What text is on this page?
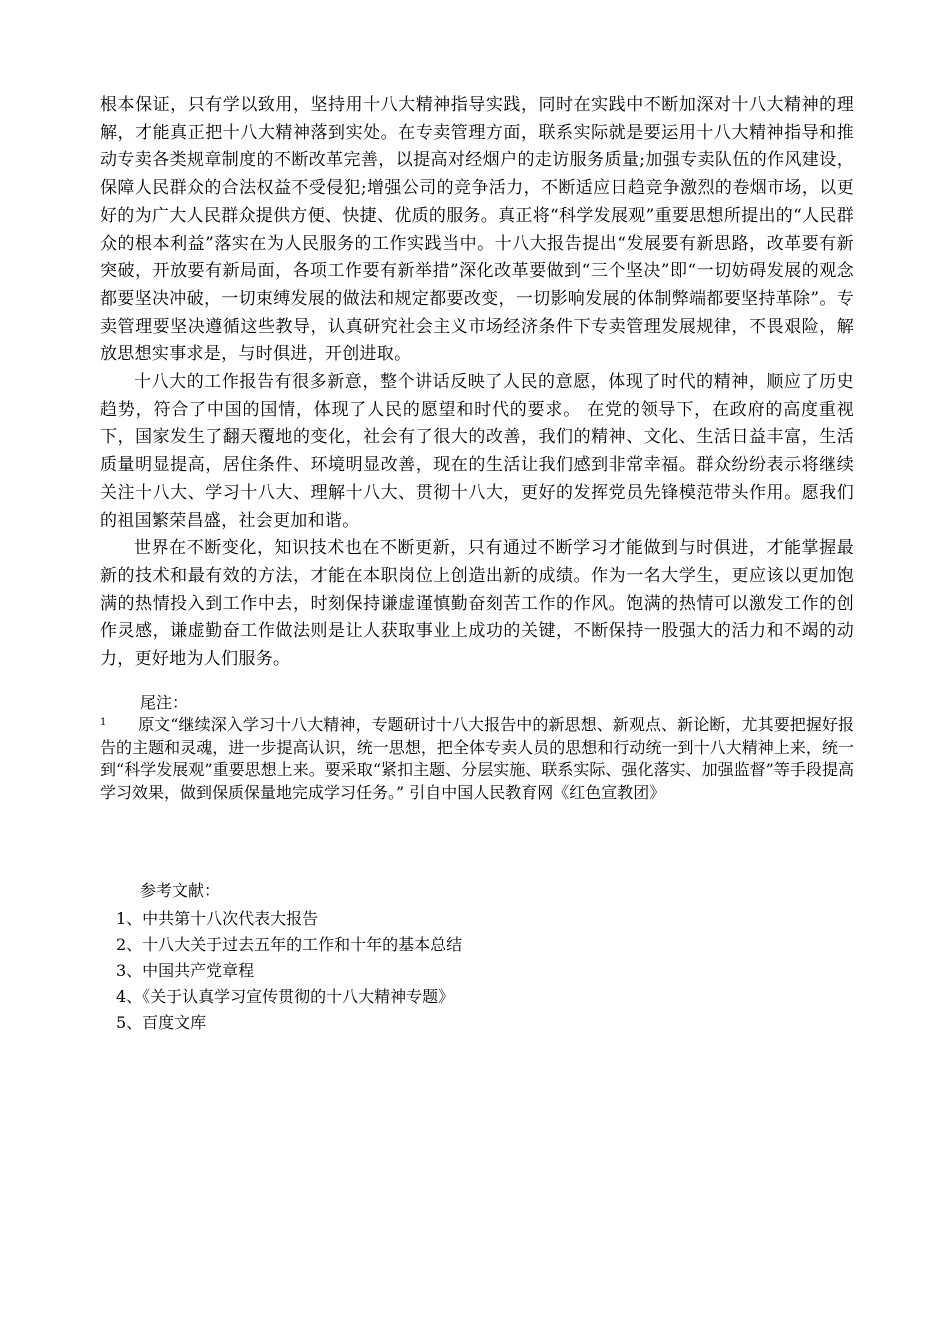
根本保证，只有学以致用，坚持用十八大精神指导实践，同时在实践中不断加深对十八大精神的理解，才能真正把十八大精神落到实处。在专卖管理方面，联系实际就是要运用十八大精神指导和推动专卖各类规章制度的不断改革完善，以提高对经烟户的走访服务质量;加强专卖队伍的作风建设，保障人民群众的合法权益不受侵犯;增强公司的竞争活力，不断适应日趋竞争激烈的卷烟市场，以更好的为广大人民群众提供方便、快捷、优质的服务。真正将“科学发展观”重要思想所提出的“人民群众的根本利益”落实在为人民服务的工作实践当中。十八大报告提出“发展要有新思路，改革要有新突破，开放要有新局面，各项工作要有新举措”深化改革要做到“三个坚决”即“一切妨碍发展的观念都要坚决冲破，一切束缚发展的做法和规定都要改变，一切影响发展的体制弊端都要坚持革除”。专卖管理要坚决遵循这些教导，认真研究社会主义市场经济条件下专卖管理发展规律，不畏艰险，解放思想实事求是，与时俱进，开创进取。

十八大的工作报告有很多新意，整个讲话反映了人民的意愿，体现了时代的精神，顺应了历史趋势，符合了中国的国情，体现了人民的愿望和时代的要求。 在党的领导下，在政府的高度重视下，国家发生了翻天覆地的变化，社会有了很大的改善，我们的精神、文化、生活日益丰富，生活质量明显提高，居住条件、环境明显改善，现在的生活让我们感到非常幸福。群众纷纷表示将继续关注十八大、学习十八大、理解十八大、贯彻十八大，更好的发挥党员先锋模范带头作用。愿我们的祖国繁荣昌盛，社会更加和谐。

世界在不断变化，知识技术也在不断更新，只有通过不断学习才能做到与时俱进，才能掌握最新的技术和最有效的方法，才能在本职岗位上创造出新的成绩。作为一名大学生，更应该以更加饱满的热情投入到工作中去，时刻保持谦虚谨慎勤奋刻苦工作的作风。饱满的热情可以激发工作的创作灵感，谦虚勤奋工作做法则是让人获取事业上成功的关键，不断保持一股强大的活力和不竭的动力，更好地为人们服务。

尾注：
1 原文“继续深入学习十八大精神，专题研讨十八大报告中的新思想、新观点、新论断，尤其要把握好报告的主题和灵魂，进一步提高认识，统一思想，把全体专卖人员的思想和行动统一到十八大精神上来，统一到“科学发展观”重要思想上来。要采取“紧扣主题、分层实施、联系实际、强化落实、加强监督”等手段提高学习效果，做到保质保量地完成学习任务。” 引自中国人民教育网《红色宣教团》
参考文献：
1、中共第十八次代表大报告
2、十八大关于过去五年的工作和十年的基本总结
3、中国共产党章程
4、《关于认真学习宣传贯彻的十八大精神专题》
5、百度文库
